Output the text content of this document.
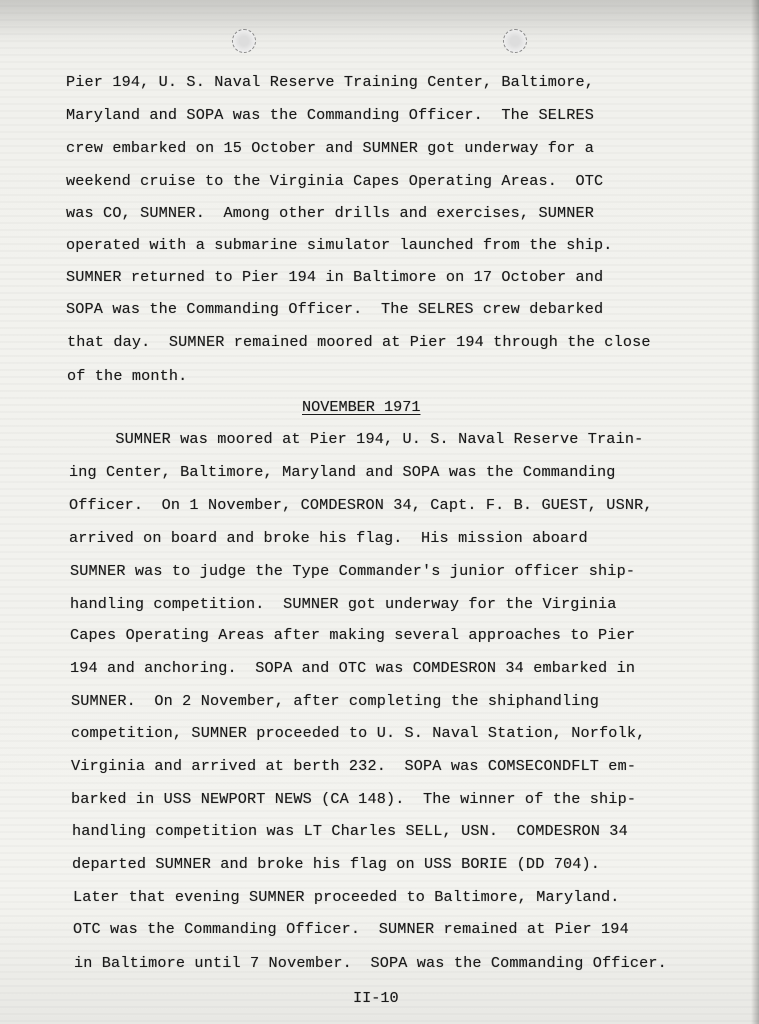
Pier 194, U. S. Naval Reserve Training Center, Baltimore,
Maryland and SOPA was the Commanding Officer.  The SELRES
crew embarked on 15 October and SUMNER got underway for a
weekend cruise to the Virginia Capes Operating Areas.  OTC
was CO, SUMNER.  Among other drills and exercises, SUMNER
operated with a submarine simulator launched from the ship.
SUMNER returned to Pier 194 in Baltimore on 17 October and
SOPA was the Commanding Officer.  The SELRES crew debarked
that day.  SUMNER remained moored at Pier 194 through the close
of the month.
NOVEMBER 1971
SUMNER was moored at Pier 194, U. S. Naval Reserve Train-
ing Center, Baltimore, Maryland and SOPA was the Commanding
Officer.  On 1 November, COMDESRON 34, Capt. F. B. GUEST, USNR,
arrived on board and broke his flag.  His mission aboard
SUMNER was to judge the Type Commander's junior officer ship-
handling competition.  SUMNER got underway for the Virginia
Capes Operating Areas after making several approaches to Pier
194 and anchoring.  SOPA and OTC was COMDESRON 34 embarked in
SUMNER.  On 2 November, after completing the shiphandling
competition, SUMNER proceeded to U. S. Naval Station, Norfolk,
Virginia and arrived at berth 232.  SOPA was COMSECONDFLT em-
barked in USS NEWPORT NEWS (CA 148).  The winner of the ship-
handling competition was LT Charles SELL, USN.  COMDESRON 34
departed SUMNER and broke his flag on USS BORIE (DD 704).
Later that evening SUMNER proceeded to Baltimore, Maryland.
OTC was the Commanding Officer.  SUMNER remained at Pier 194
in Baltimore until 7 November.  SOPA was the Commanding Officer.
II-10
